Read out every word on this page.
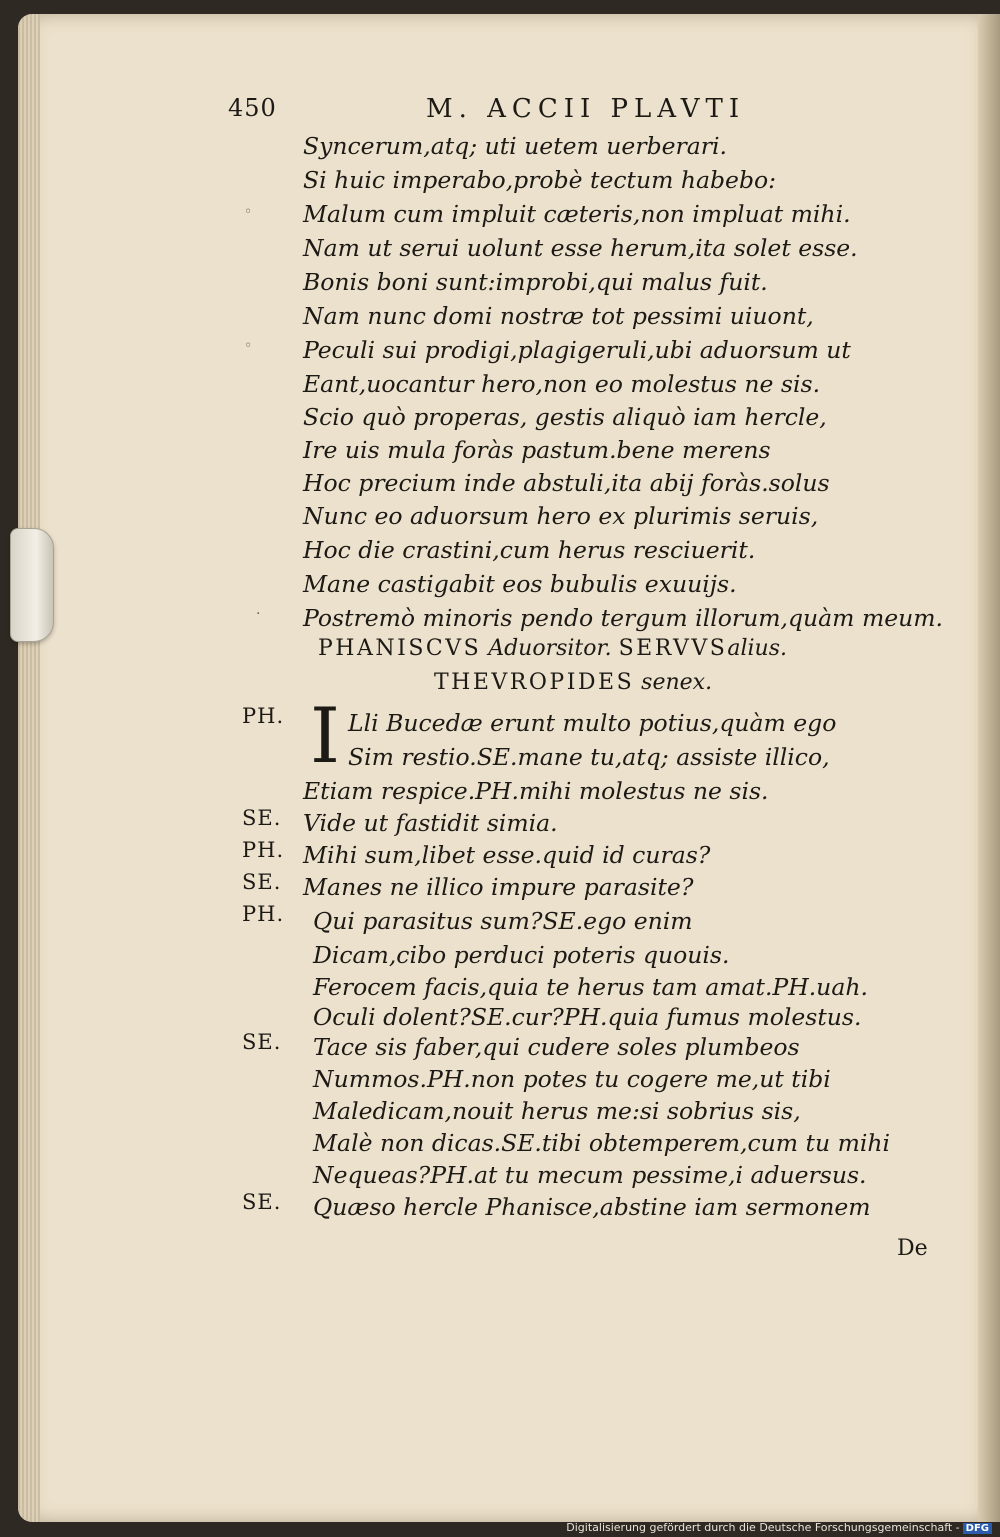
450	M. ACCII PLAVTI
Syncerum,atq; uti uetem uerberari.
Si huic imperabo,probè tectum habebo:
Malum cum impluit cæteris,non impluat mihi.
Nam ut serui uolunt esse herum,ita solet esse.
Bonis boni sunt:improbi,qui malus fuit.
Nam nunc domi nostræ tot pessimi uiuont,
Peculi sui prodigi,plagigeruli,ubi aduorsum ut
Eant,uocantur hero,non eo molestus ne sis.
Scio quò properas, gestis aliquò iam hercle,
Ire uis mula foràs pastum.bene merens
Hoc precium inde abstuli,ita abij foràs.solus
Nunc eo aduorsum hero ex plurimis seruis,
Hoc die crastini,cum herus resciuerit.
Mane castigabit eos bubulis exuuijs.
Postremò minoris pendo tergum illorum,quàm meum.
PHANISCVS Aduorsitor. SERVVSalius.
THEVROPIDES senex.
PH. I Lli Bucedæ erunt multo potius,quàm ego
Sim restio.SE.mane tu,atq; assiste illico,
Etiam respice.PH.mihi molestus ne sis.
SE. Vide ut fastidit simia.
PH. Mihi sum,libet esse.quid id curas?
SE. Manes ne illico impure parasite?
PH. Qui parasitus sum?SE.ego enim
Dicam,cibo perduci poteris quouis.
Ferocem facis,quia te herus tam amat.PH.uah.
Oculi dolent?SE.cur?PH.quia fumus molestus.
SE. Tace sis faber,qui cudere soles plumbeos
Nummos.PH.non potes tu cogere me,ut tibi
Maledicam,nouit herus me:si sobrius sis,
Malè non dicas.SE.tibi obtemperem,cum tu mihi
Nequeas?PH.at tu mecum pessime,i aduersus.
SE. Quæso hercle Phanisce,abstine iam sermonem
De
◦
◦
·
Digitalisierung gefördert durch die Deutsche Forschungsgemeinschaft - DFG
